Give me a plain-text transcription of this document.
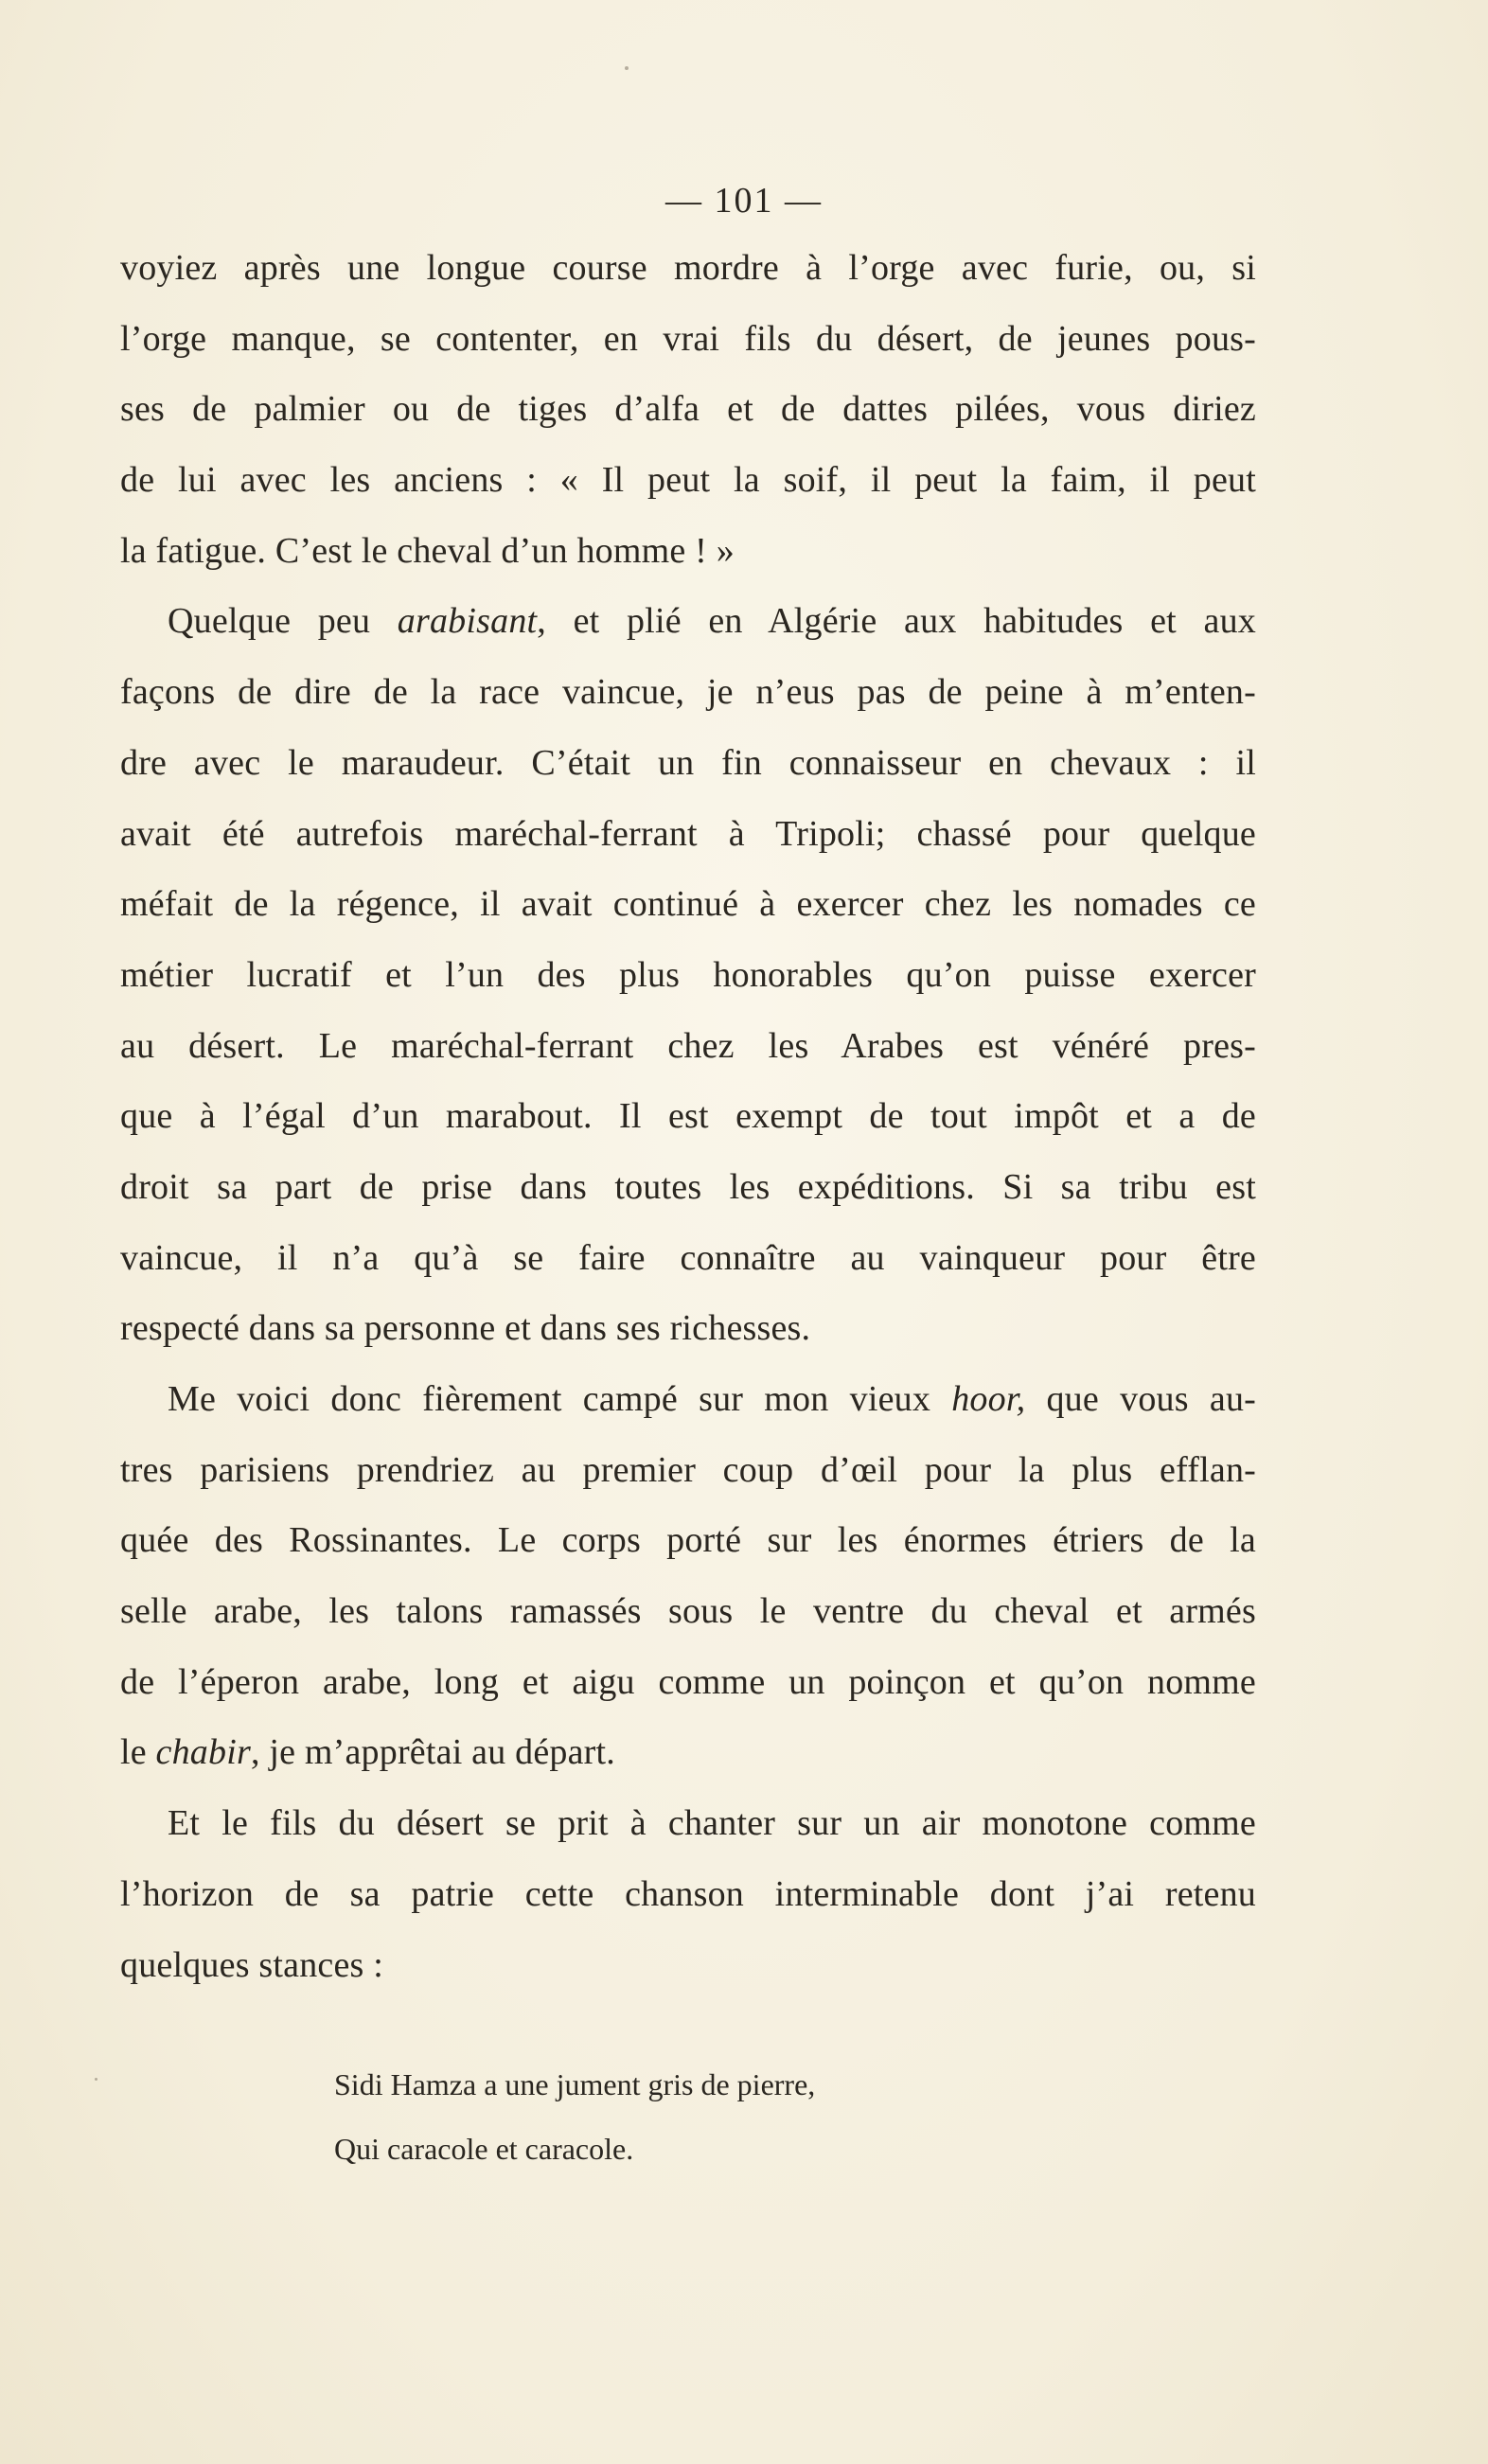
— 101 —
voyiez après une longue course mordre à l’orge avec furie, ou, si
l’orge manque, se contenter, en vrai fils du désert, de jeunes pous-
ses de palmier ou de tiges d’alfa et de dattes pilées, vous diriez
de lui avec les anciens : « Il peut la soif, il peut la faim, il peut
la fatigue. C’est le cheval d’un homme ! »
Quelque peu arabisant, et plié en Algérie aux habitudes et aux
façons de dire de la race vaincue, je n’eus pas de peine à m’enten-
dre avec le maraudeur. C’était un fin connaisseur en chevaux : il
avait été autrefois maréchal-ferrant à Tripoli; chassé pour quelque
méfait de la régence, il avait continué à exercer chez les nomades ce
métier lucratif et l’un des plus honorables qu’on puisse exercer
au désert. Le maréchal-ferrant chez les Arabes est vénéré pres-
que à l’égal d’un marabout. Il est exempt de tout impôt et a de
droit sa part de prise dans toutes les expéditions. Si sa tribu est
vaincue, il n’a qu’à se faire connaître au vainqueur pour être
respecté dans sa personne et dans ses richesses.
Me voici donc fièrement campé sur mon vieux hoor, que vous au-
tres parisiens prendriez au premier coup d’œil pour la plus efflan-
quée des Rossinantes. Le corps porté sur les énormes étriers de la
selle arabe, les talons ramassés sous le ventre du cheval et armés
de l’éperon arabe, long et aigu comme un poinçon et qu’on nomme
le chabir, je m’apprêtai au départ.
Et le fils du désert se prit à chanter sur un air monotone comme
l’horizon de sa patrie cette chanson interminable dont j’ai retenu
quelques stances :
Sidi Hamza a une jument gris de pierre,
Qui caracole et caracole.
